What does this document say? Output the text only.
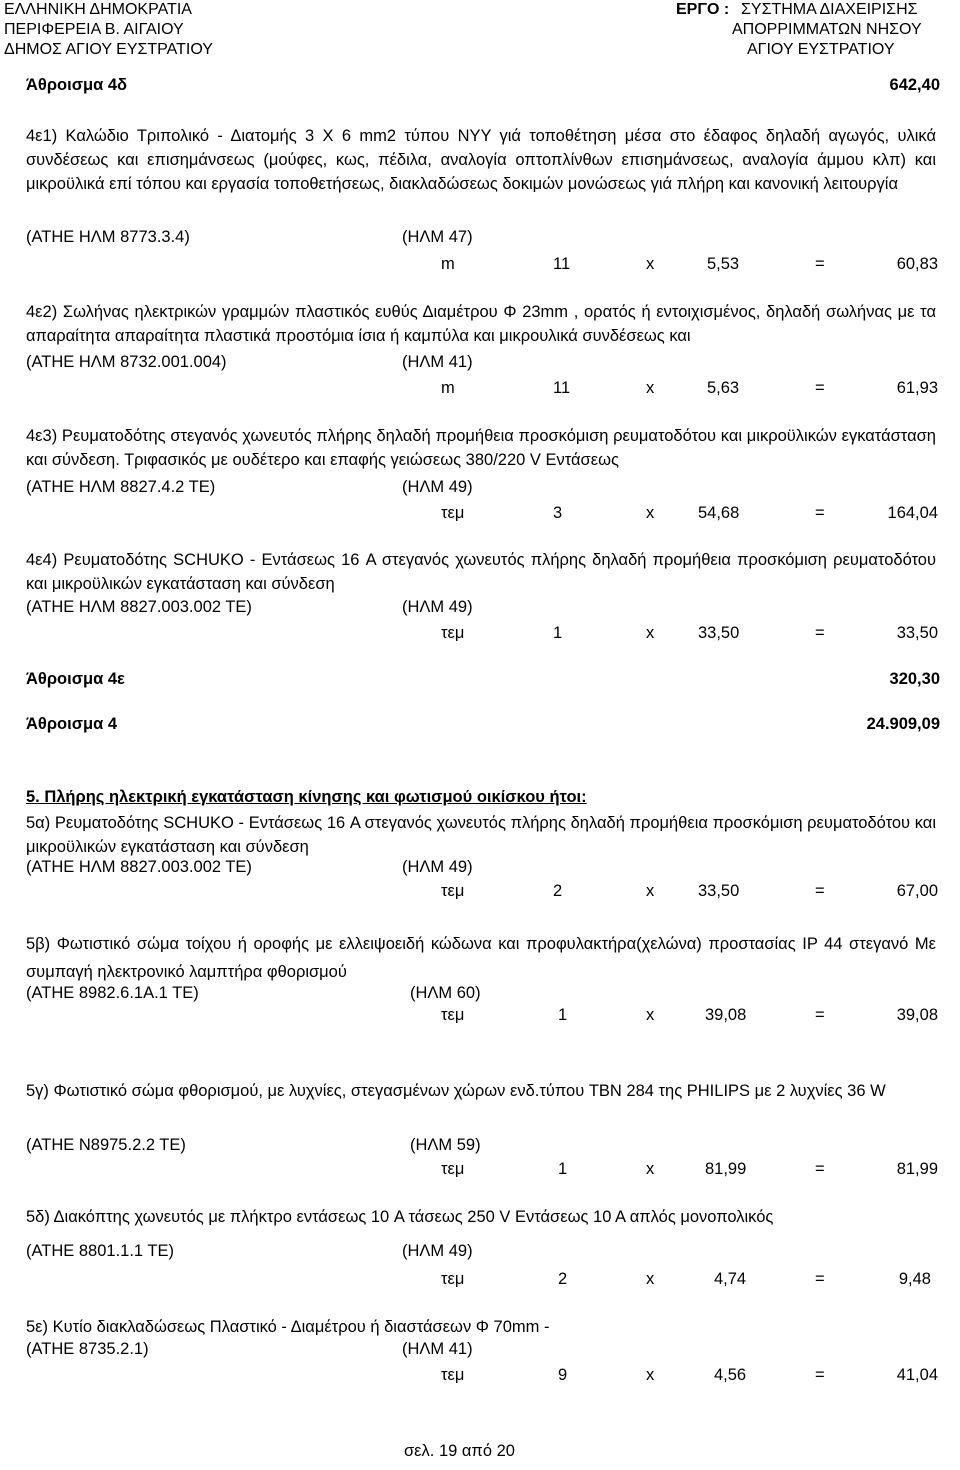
ΕΛΛΗΝΙΚΗ ΔΗΜΟΚΡΑΤΙΑ
ΠΕΡΙΦΕΡΕΙΑ Β. ΑΙΓΑΙΟΥ
ΔΗΜΟΣ ΑΓΙΟΥ ΕΥΣΤΡΑΤΙΟΥ
ΕΡΓΟ : ΣΥΣΤΗΜΑ ΔΙΑΧΕΙΡΙΣΗΣ
ΑΠΟΡΡΙΜΜΑΤΩΝ ΝΗΣΟΥ
ΑΓΙΟΥ ΕΥΣΤΡΑΤΙΟΥ
Άθροισμα 4δ	642,40
4ε1) Καλώδιο Τριπολικό - Διατομής 3 Χ 6 mm2 τύπου NYY γιά τοποθέτηση μέσα στο έδαφος δηλαδή αγωγός, υλικά συνδέσεως και επισημάνσεως (μούφες, κως, πέδιλα, αναλογία οπτοπλίνθων επισημάνσεως, αναλογία άμμου κλπ) και μικροϋλικά επί τόπου και εργασία τοποθετήσεως, διακλαδώσεως δοκιμών μονώσεως γιά πλήρη και κανονική λειτουργία
(ΑΤΗΕ ΗΛΜ 8773.3.4)	(ΗΛΜ 47)
m	11	x	5,53	=	60,83
4ε2) Σωλήνας ηλεκτρικών γραμμών πλαστικός ευθύς Διαμέτρου Φ 23mm , ορατός ή εντοιχισμένος, δηλαδή σωλήνας με τα απαραίτητα απαραίτητα πλαστικά προστόμια ίσια ή καμπύλα και μικρουλικά συνδέσεως και
(ΑΤΗΕ ΗΛΜ 8732.001.004)	(ΗΛΜ 41)
m	11	x	5,63	=	61,93
4ε3) Ρευματοδότης στεγανός χωνευτός πλήρης δηλαδή προμήθεια προσκόμιση ρευματοδότου και μικροϋλικών εγκατάσταση και σύνδεση. Τριφασικός με ουδέτερο και επαφής γειώσεως 380/220 V Εντάσεως
(ΑΤΗΕ ΗΛΜ 8827.4.2 ΤΕ)	(ΗΛΜ 49)
τεμ	3	x	54,68	=	164,04
4ε4) Ρευματοδότης SCHUKO - Εντάσεως 16 A στεγανός χωνευτός πλήρης δηλαδή προμήθεια προσκόμιση ρευματοδότου και μικροϋλικών εγκατάσταση και σύνδεση
(ΑΤΗΕ ΗΛΜ 8827.003.002 ΤΕ)	(ΗΛΜ 49)
τεμ	1	x	33,50	=	33,50
Άθροισμα 4ε	320,30
Άθροισμα 4	24.909,09
5. Πλήρης ηλεκτρική εγκατάσταση κίνησης και φωτισμού οικίσκου ήτοι:
5α) Ρευματοδότης SCHUKO - Εντάσεως 16 A στεγανός χωνευτός πλήρης δηλαδή προμήθεια προσκόμιση ρευματοδότου και μικροϋλικών εγκατάσταση και σύνδεση
(ΑΤΗΕ ΗΛΜ 8827.003.002 ΤΕ)	(ΗΛΜ 49)
τεμ	2	x	33,50	=	67,00
5β) Φωτιστικό σώμα τοίχου ή οροφής με ελλειψοειδή κώδωνα και προφυλακτήρα(χελώνα) προστασίας IP 44 στεγανό Με συμπαγή ηλεκτρονικό λαμπτήρα φθορισμού
(ΑΤΗΕ 8982.6.1Α.1 ΤΕ)	(ΗΛΜ 60)
τεμ	1	x	39,08	=	39,08
5γ) Φωτιστικό σώμα φθορισμού, με λυχνίες, στεγασμένων χώρων ενδ.τύπου TBN 284 της PHILIPS με 2 λυχνίες 36 W
(ΑΤΗΕ N8975.2.2 TE)	(ΗΛΜ 59)
τεμ	1	x	81,99	=	81,99
5δ) Διακόπτης χωνευτός με πλήκτρο εντάσεως 10 A τάσεως 250 V Εντάσεως 10 Α απλός μονοπολικός
(ΑΤΗΕ 8801.1.1 ΤΕ)	(ΗΛΜ 49)
τεμ	2	x	4,74	=	9,48
5ε) Κυτίο διακλαδώσεως Πλαστικό - Διαμέτρου ή διαστάσεων Φ 70mm -
(ΑΤΗΕ 8735.2.1)	(ΗΛΜ 41)
τεμ	9	x	4,56	=	41,04
σελ. 19 από 20
